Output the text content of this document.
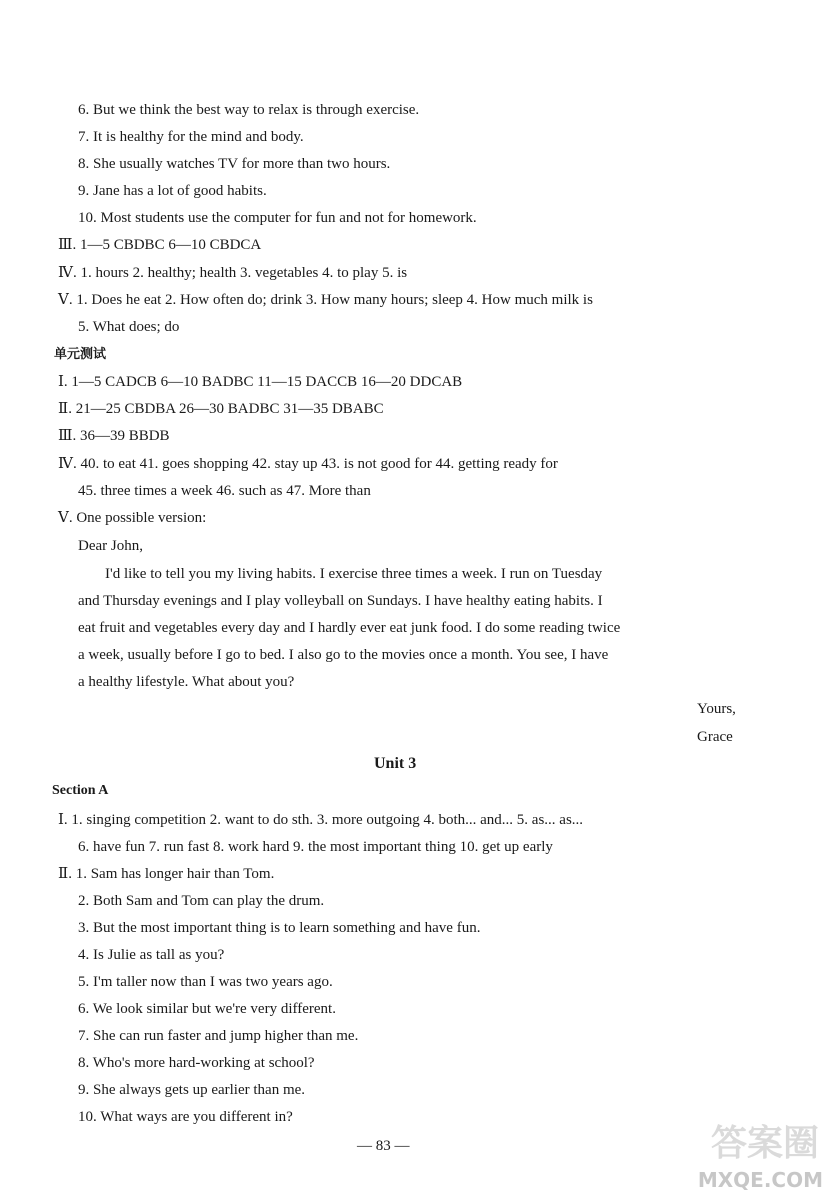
6. But we think the best way to relax is through exercise.
7. It is healthy for the mind and body.
8. She usually watches TV for more than two hours.
9. Jane has a lot of good habits.
10. Most students use the computer for fun and not for homework.
Ⅲ. 1—5 CBDBC 6—10 CBDCA
Ⅳ. 1. hours 2. healthy; health 3. vegetables 4. to play 5. is
Ⅴ. 1. Does he eat 2. How often do; drink 3. How many hours; sleep 4. How much milk is
5. What does; do
单元测试
Ⅰ. 1—5 CADCB 6—10 BADBC 11—15 DACCB 16—20 DDCAB
Ⅱ. 21—25 CBDBA 26—30 BADBC 31—35 DBABC
Ⅲ. 36—39 BBDB
Ⅳ. 40. to eat 41. goes shopping 42. stay up 43. is not good for 44. getting ready for
45. three times a week 46. such as 47. More than
Ⅴ. One possible version:
Dear John,
I'd like to tell you my living habits. I exercise three times a week. I run on Tuesday
and Thursday evenings and I play volleyball on Sundays. I have healthy eating habits. I
eat fruit and vegetables every day and I hardly ever eat junk food. I do some reading twice
a week, usually before I go to bed. I also go to the movies once a month. You see, I have
a healthy lifestyle. What about you?
Yours,
Grace
Unit 3
Section A
Ⅰ. 1. singing competition 2. want to do sth. 3. more outgoing 4. both... and... 5. as... as...
6. have fun 7. run fast 8. work hard 9. the most important thing 10. get up early
Ⅱ. 1. Sam has longer hair than Tom.
2. Both Sam and Tom can play the drum.
3. But the most important thing is to learn something and have fun.
4. Is Julie as tall as you?
5. I'm taller now than I was two years ago.
6. We look similar but we're very different.
7. She can run faster and jump higher than me.
8. Who's more hard-working at school?
9. She always gets up earlier than me.
10. What ways are you different in?
— 83 —	答案圈
MXQE.COM
